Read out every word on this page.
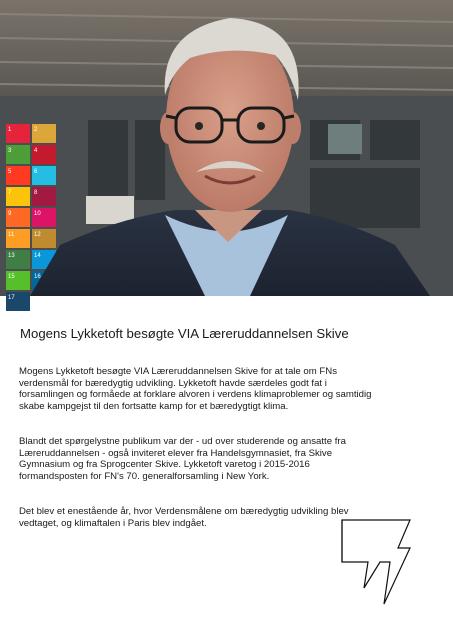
1	2
3	4
5	6
7	8
9	10
11	12
13	14
15	16
17
Mogens Lykketoft besøgte VIA Læreruddannelsen Skive

Mogens Lykketoft besøgte VIA Læreruddannelsen Skive for at tale om FNs verdensmål for bæredygtig udvikling. Lykketoft havde særdeles godt fat i forsamlingen og formåede at forklare alvoren i verdens klimaproblemer og samtidig skabe kampgejst til den fortsatte kamp for et bæredygtigt klima.

Blandt det spørgelystne publikum var der - ud over studerende og ansatte fra Læreruddannelsen - også inviteret elever fra Handelsgymnasiet, fra Skive Gymnasium og fra Sprogcenter Skive. Lykketoft varetog i 2015-2016 formandsposten for FN's 70. generalforsamling i New York.

Det blev et enestående år, hvor Verdensmålene om bæredygtig udvikling blev vedtaget, og klimaftalen i Paris blev indgået.
